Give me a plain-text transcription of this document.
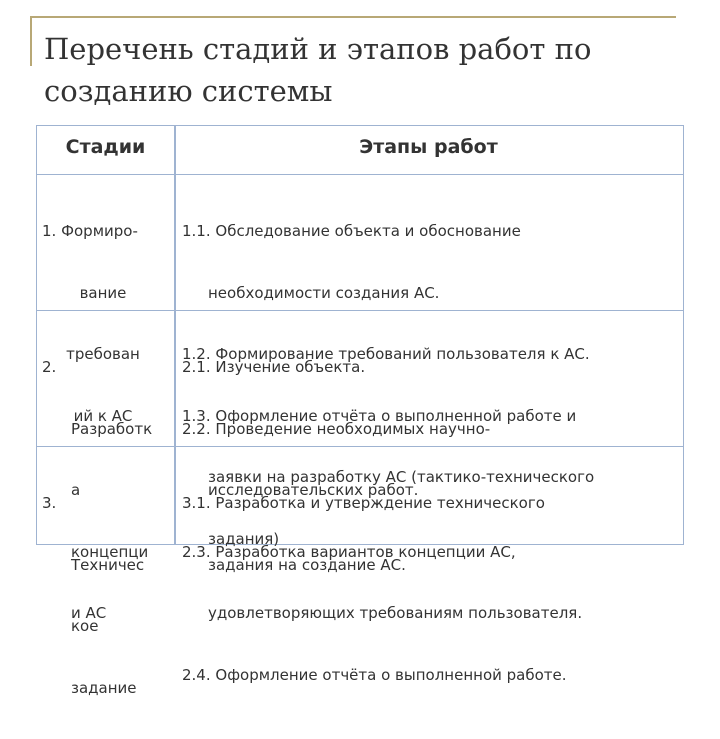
Перечень стадий и этапов работ по
созданию системы
Стадии	Этапы работ

1. Формиро-

вание

требован

ий к АС

1.1. Обследование объекта и обоснование

необходимости создания АС.

1.2. Формирование требований пользователя к АС.

1.3. Оформление отчёта о выполненной работе и

заявки на разработку АС (тактико-технического

задания)

2.

Разработк

а

концепци

и АС

2.1. Изучение объекта.

2.2. Проведение необходимых научно-

исследовательских работ.

2.3. Разработка вариантов концепции АС,

удовлетворяющих требованиям пользователя.

2.4. Оформление отчёта о выполненной работе.

3.

Техничес

кое

задание

3.1. Разработка и утверждение технического

задания на создание АС.
